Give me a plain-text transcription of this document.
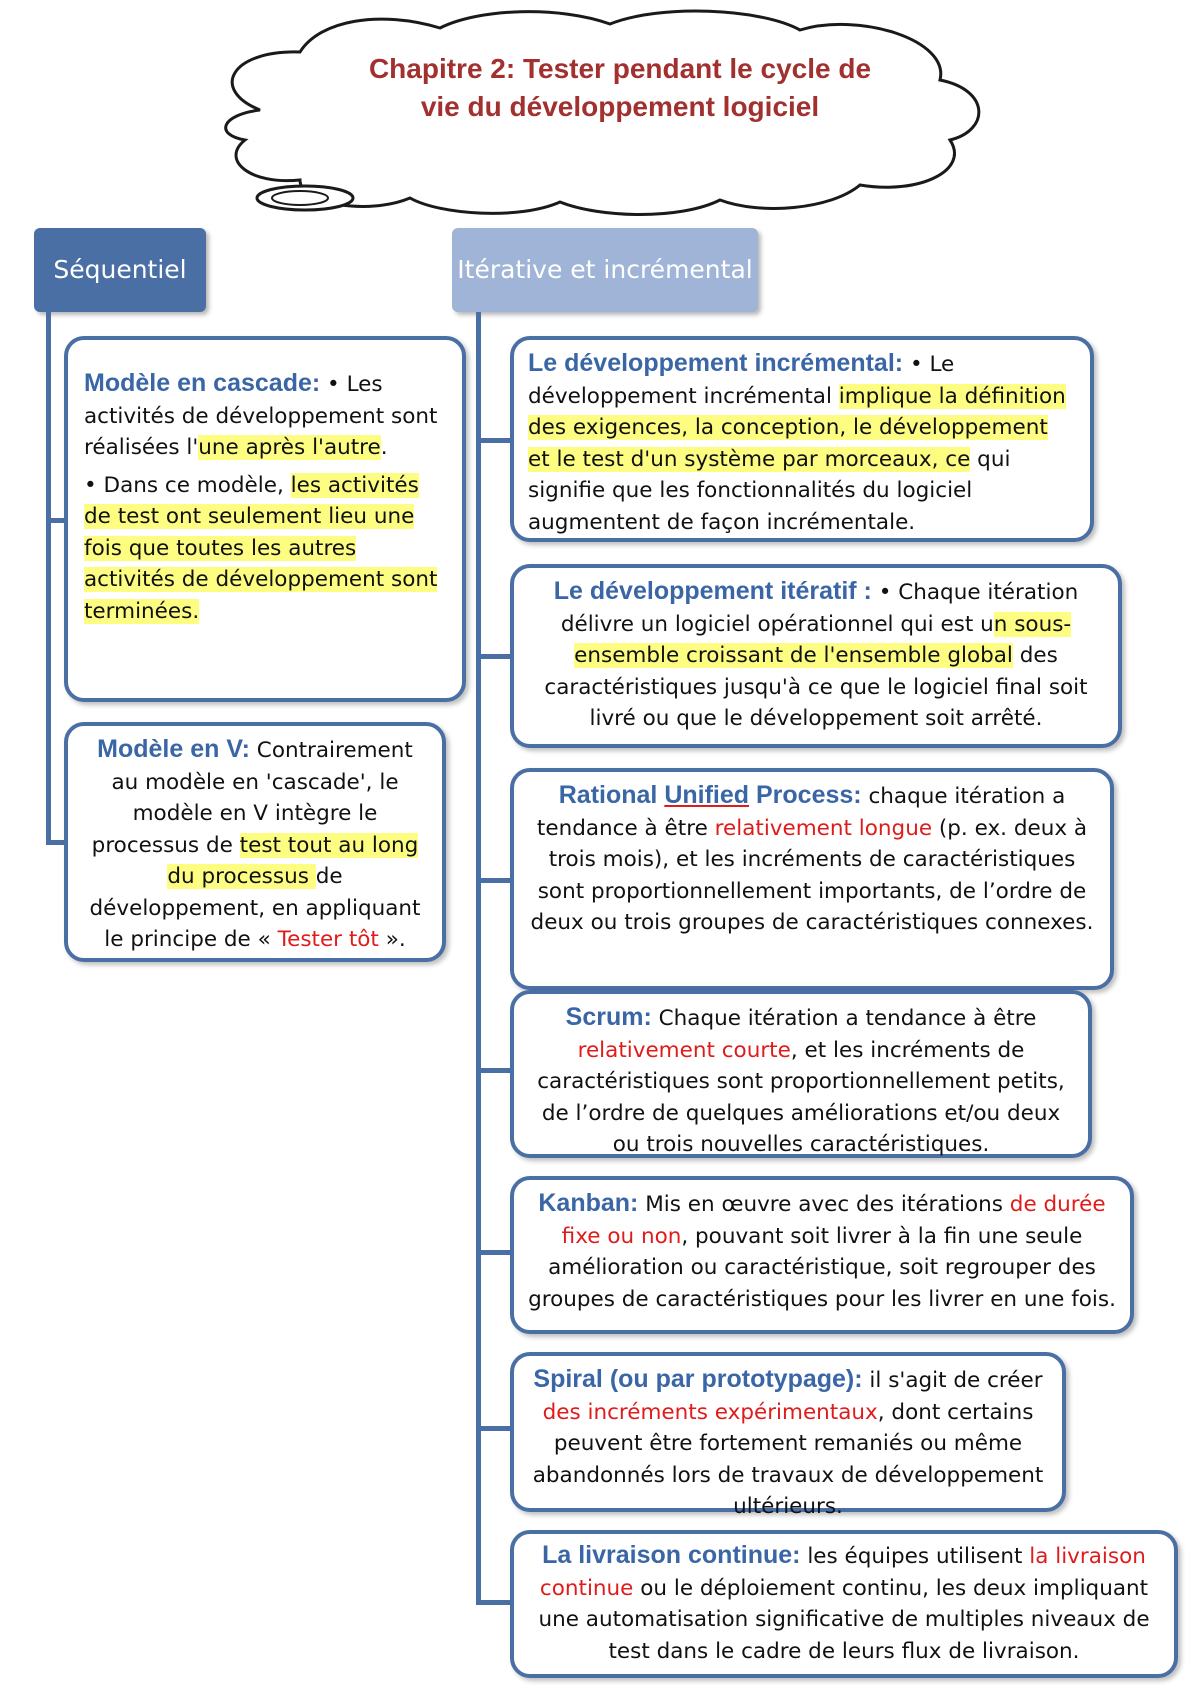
Chapitre 2: Tester pendant le cycle de vie du développement logiciel
Séquentiel	Itérative et incrémental

Modèle en cascade: • Les activités de développement sont réalisées l'une après l'autre.

• Dans ce modèle, les activités de test ont seulement lieu une fois que toutes les autres activités de développement sont terminées.

Modèle en V: Contrairement au modèle en 'cascade', le modèle en V intègre le processus de test tout au long du processus de développement, en appliquant le principe de « Tester tôt ».

Le développement incrémental: • Le développement incrémental implique la définition des exigences, la conception, le développement et le test d'un système par morceaux, ce qui signifie que les fonctionnalités du logiciel augmentent de façon incrémentale.

Le développement itératif : • Chaque itération délivre un logiciel opérationnel qui est un sous-ensemble croissant de l'ensemble global des caractéristiques jusqu'à ce que le logiciel final soit livré ou que le développement soit arrêté.

Rational Unified Process: chaque itération a tendance à être relativement longue (p. ex. deux à trois mois), et les incréments de caractéristiques sont proportionnellement importants, de l’ordre de deux ou trois groupes de caractéristiques connexes.

Scrum: Chaque itération a tendance à être relativement courte, et les incréments de caractéristiques sont proportionnellement petits, de l’ordre de quelques améliorations et/ou deux ou trois nouvelles caractéristiques.

Kanban: Mis en œuvre avec des itérations de durée fixe ou non, pouvant soit livrer à la fin une seule amélioration ou caractéristique, soit regrouper des groupes de caractéristiques pour les livrer en une fois.

Spiral (ou par prototypage): il s'agit de créer des incréments expérimentaux, dont certains peuvent être fortement remaniés ou même abandonnés lors de travaux de développement ultérieurs.

La livraison continue: les équipes utilisent la livraison continue ou le déploiement continu, les deux impliquant une automatisation significative de multiples niveaux de test dans le cadre de leurs flux de livraison.
